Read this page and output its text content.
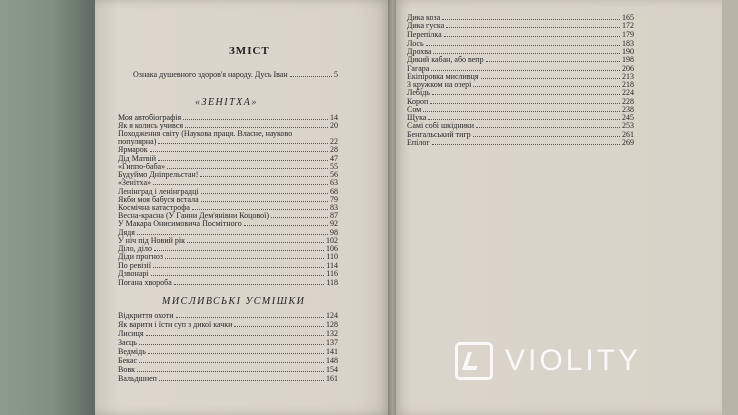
ЗМІСТ
Ознака душевного здоров'я народу. Дусь Іван	5
«ЗЕНІТХА»
МИСЛИВСЬКІ УСМІШКИ
Моя автобіографія	14
Як я колись учився	20
Походження світу (Наукова праця. Власне, науково
популярна)	22
Ярмарок	28
Дід Матвій	47
«Гиппо-баба»	55
Будуймо Дніпрельстан!	56
«Зенітха»	63
Ленінград і ленінградці	68
Якби моя бабуся встала	79
Космічна катастрофа	83
Весна-красна (У Ганни Дем'янівни Коцової)	87
У Макара Онисимовича Посмітного	92
Дядя	98
У ніч під Новий рік	102
Діло, діло	106
Діди прогноз	110
По ревізії	114
Дзвонарі	116
Погана хвороба	118
Відкриття охоти	124
Як варити і їсти суп з дикої качки	128
Лисиця	132
Заєць	137
Ведмідь	141
Бекас	148
Вовк	154
Вальдшнеп	161
Дика коза	165
Дика гуска	172
Перепілка	179
Лось	183
Дрохва	190
Дикий кабан, або вепр	198
Гагара	206
Екіпіровка мисливця	213
З кружком на озері	218
Лебідь	224
Короп	228
Сом	238
Щука	245
Самі собі шкідники	253
Бенгальський тигр	261
Епілог	269
VIOLITY
